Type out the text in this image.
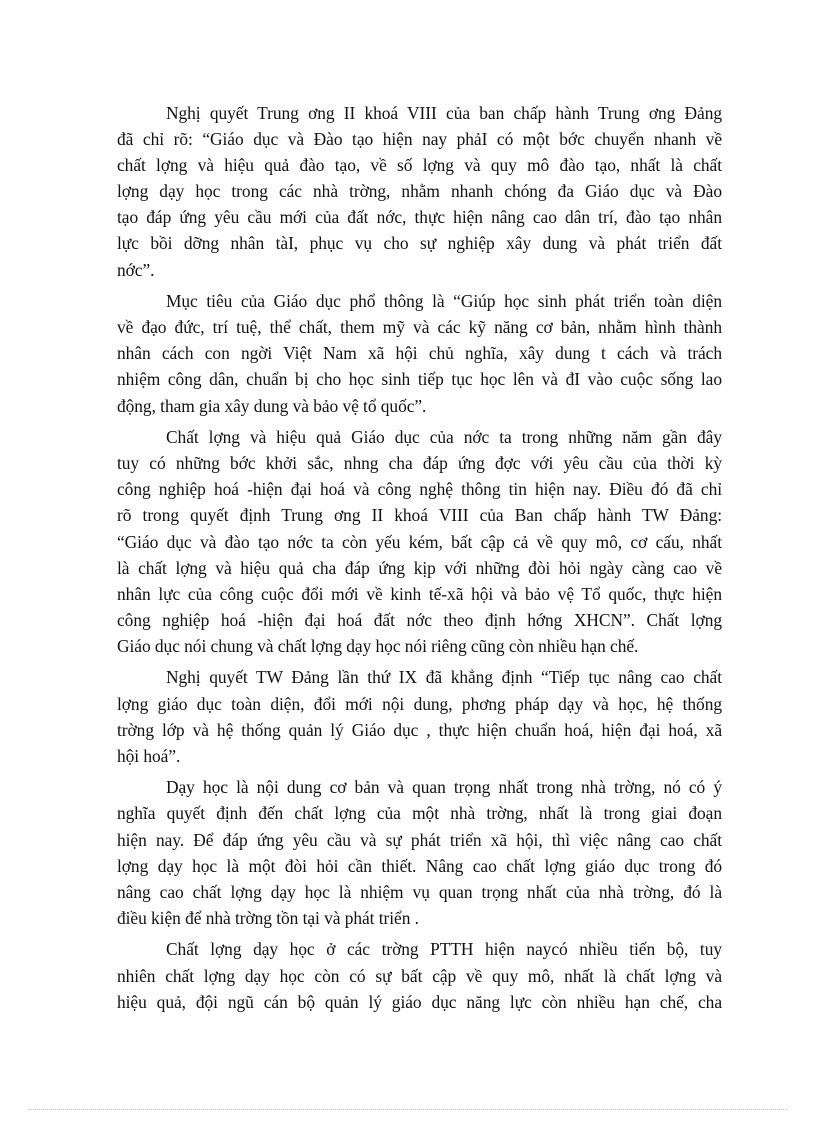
Nghị quyết Trung ơng II khoá VIII của ban chấp hành Trung ơng Đảng
đã chỉ rõ: “Giáo dục và Đào tạo hiện nay phảI có một bớc chuyển nhanh về
chất lợng và hiệu quả đào tạo, về số lợng và quy mô đào tạo, nhất là chất
lợng dạy học trong các nhà trờng, nhằm nhanh chóng đa Giáo dục và Đào
tạo đáp ứng yêu cầu mới của đất nớc, thực hiện nâng cao dân trí, đào tạo nhân
lực bồi dỡng nhân tàI, phục vụ cho sự nghiệp xây dung và phát triển đất
nớc”.

Mục tiêu của Giáo dục phổ thông là “Giúp học sinh phát triển toàn diện
về đạo đức, trí tuệ, thể chất, them mỹ và các kỹ năng cơ bản, nhằm hình thành
nhân cách con ngời Việt Nam xã hội chủ nghĩa, xây dung t cách và trách
nhiệm công dân, chuẩn bị cho học sinh tiếp tục học lên và đI vào cuộc sống lao
động, tham gia xây dung và bảo vệ tổ quốc”.

Chất lợng và hiệu quả Giáo dục của nớc ta trong những năm gần đây
tuy có những bớc khởi sắc, nhng cha đáp ứng đợc với yêu cầu của thời kỳ
công nghiệp hoá -hiện đại hoá và công nghệ thông tin hiện nay. Điều đó đã chỉ
rõ trong quyết định Trung ơng II khoá VIII của Ban chấp hành TW Đảng:
“Giáo dục và đào tạo nớc ta còn yếu kém, bất cập cả về quy mô, cơ cấu, nhất
là chất lợng và hiệu quả cha đáp ứng kịp với những đòi hỏi ngày càng cao về
nhân lực của công cuộc đổi mới về kinh tế-xã hội và bảo vệ Tổ quốc, thực hiện
công nghiệp hoá -hiện đại hoá đất nớc theo định hớng XHCN”. Chất lợng
Giáo dục nói chung và chất lợng dạy học nói riêng cũng còn nhiều hạn chế.

Nghị quyết TW Đảng lần thứ IX đã khẳng định “Tiếp tục nâng cao chất
lợng giáo dục toàn diện, đổi mới nội dung, phơng pháp dạy và học, hệ thống
trờng lớp và hệ thống quản lý Giáo dục , thực hiện chuẩn hoá, hiện đại hoá, xã
hội hoá”.

Dạy học là nội dung cơ bản và quan trọng nhất trong nhà trờng, nó có ý
nghĩa quyết định đến chất lợng của một nhà trờng, nhất là trong giai đoạn
hiện nay. Để đáp ứng yêu cầu và sự phát triển xã hội, thì việc nâng cao chất
lợng dạy học là một đòi hỏi cần thiết. Nâng cao chất lợng giáo dục trong đó
nâng cao chất lợng dạy học là nhiệm vụ quan trọng nhất của nhà trờng, đó là
điều kiện để nhà trờng tồn tại và phát triển .

Chất lợng dạy học ở các trờng PTTH hiện naycó nhiều tiến bộ, tuy
nhiên chất lợng dạy học còn có sự bất cập về quy mô, nhất là chất lợng và
hiệu quả, đội ngũ cán bộ quản lý giáo dục năng lực còn nhiều hạn chế, cha
